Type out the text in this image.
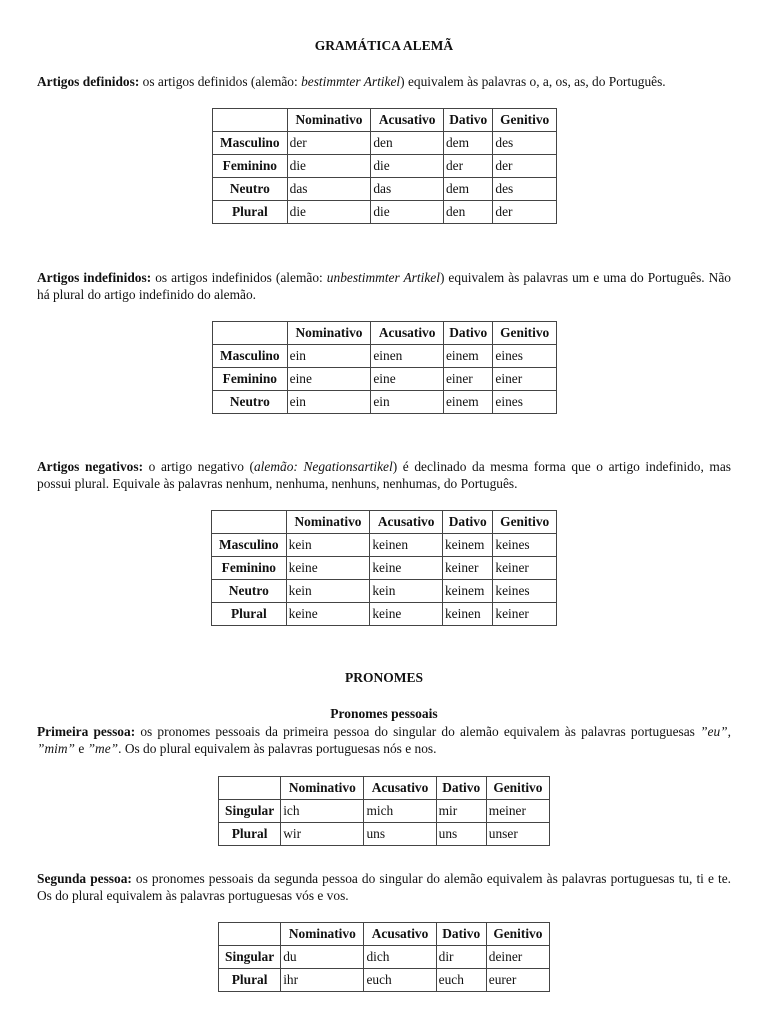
GRAMÁTICA ALEMÃ
Artigos definidos: os artigos definidos (alemão: bestimmter Artikel) equivalem às palavras o, a, os, as, do Português.
	Nominativo	Acusativo	Dativo	Genitivo
Masculino	der	den	dem	des
Feminino	die	die	der	der
Neutro	das	das	dem	des
Plural	die	die	den	der
Artigos indefinidos: os artigos indefinidos (alemão: unbestimmter Artikel) equivalem às palavras um e uma do Português. Não há plural do artigo indefinido do alemão.
	Nominativo	Acusativo	Dativo	Genitivo
Masculino	ein	einen	einem	eines
Feminino	eine	eine	einer	einer
Neutro	ein	ein	einem	eines
Artigos negativos: o artigo negativo (alemão: Negationsartikel) é declinado da mesma forma que o artigo indefinido, mas possui plural. Equivale às palavras nenhum, nenhuma, nenhuns, nenhumas, do Português.
	Nominativo	Acusativo	Dativo	Genitivo
Masculino	kein	keinen	keinem	keines
Feminino	keine	keine	keiner	keiner
Neutro	kein	kein	keinem	keines
Plural	keine	keine	keinen	keiner
PRONOMES
Pronomes pessoais
Primeira pessoa: os pronomes pessoais da primeira pessoa do singular do alemão equivalem às palavras portuguesas ”eu”, ”mim” e ”me”. Os do plural equivalem às palavras portuguesas nós e nos.
	Nominativo	Acusativo	Dativo	Genitivo
Singular	ich	mich	mir	meiner
Plural	wir	uns	uns	unser
Segunda pessoa: os pronomes pessoais da segunda pessoa do singular do alemão equivalem às palavras portuguesas tu, ti e te. Os do plural equivalem às palavras portuguesas vós e vos.
	Nominativo	Acusativo	Dativo	Genitivo
Singular	du	dich	dir	deiner
Plural	ihr	euch	euch	eurer
